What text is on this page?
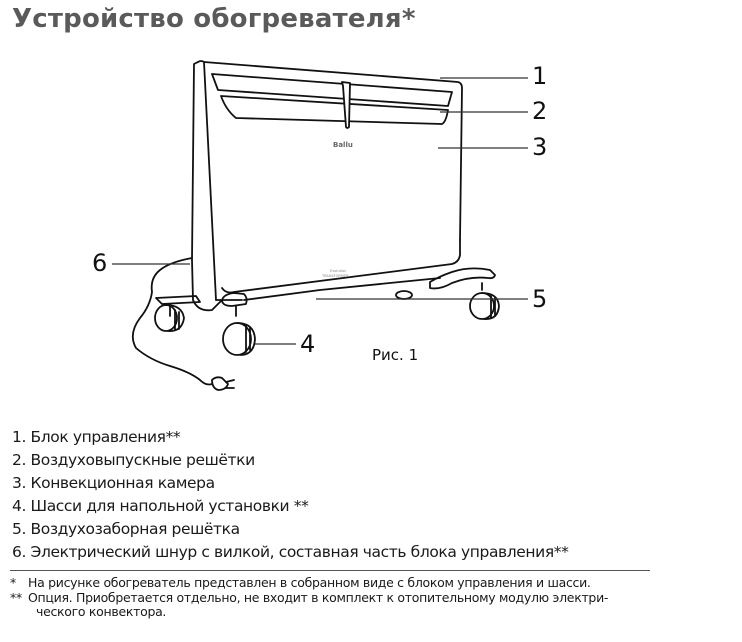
Устройство обогревателя*
Ballu
Evolution
TRANSFORMER
1
2
3
4
5
6
Рис. 1
1. Блок управления**
2. Воздуховыпускные решётки
3. Конвекционная камера
4. Шасси для напольной установки **
5. Воздухозаборная решётка
6. Электрический шнур с вилкой, составная часть блока управления**
* На рисунке обогреватель представлен в собранном виде с блоком управления и шасси.
** Опция. Приобретается отдельно, не входит в комплект к отопительному модулю электри-
ческого конвектора.
